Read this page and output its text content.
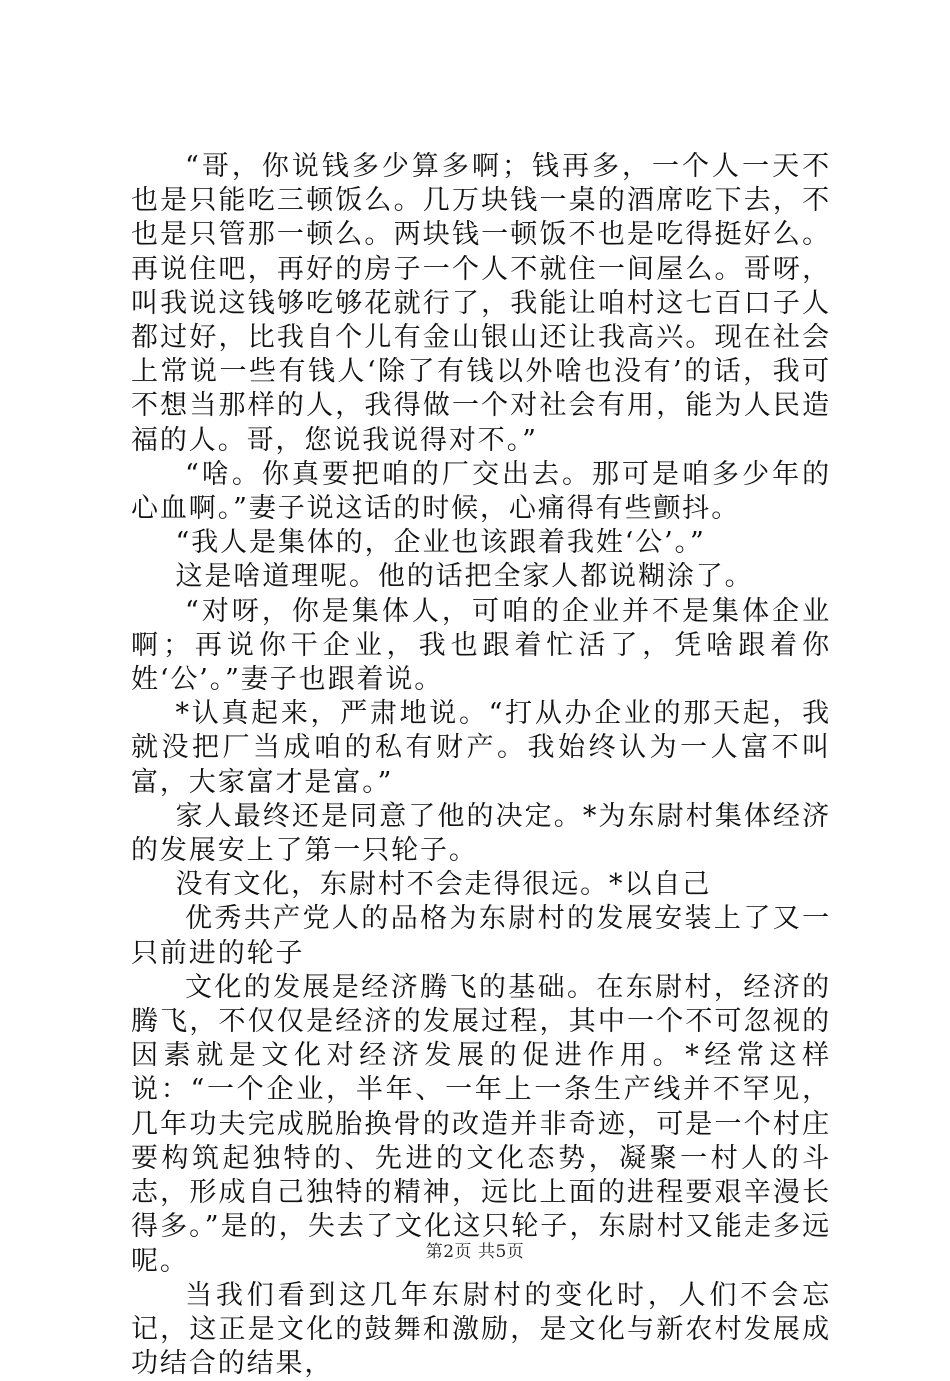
“哥，你说钱多少算多啊；钱再多，一个人一天不也是只能吃三顿饭么。几万块钱一桌的酒席吃下去，不也是只管那一顿么。两块钱一顿饭不也是吃得挺好么。再说住吧，再好的房子一个人不就住一间屋么。哥呀，叫我说这钱够吃够花就行了，我能让咱村这七百口子人都过好，比我自个儿有金山银山还让我高兴。现在社会上常说一些有钱人‘除了有钱以外啥也没有’的话，我可不想当那样的人，我得做一个对社会有用，能为人民造福的人。哥，您说我说得对不。”

“啥。你真要把咱的厂交出去。那可是咱多少年的心血啊。”妻子说这话的时候，心痛得有些颤抖。

“我人是集体的，企业也该跟着我姓‘公’。”

这是啥道理呢。他的话把全家人都说糊涂了。

“对呀，你是集体人，可咱的企业并不是集体企业啊；再说你干企业，我也跟着忙活了，凭啥跟着你姓‘公’。”妻子也跟着说。

*认真起来，严肃地说。“打从办企业的那天起，我就没把厂当成咱的私有财产。我始终认为一人富不叫富，大家富才是富。”

家人最终还是同意了他的决定。*为东尉村集体经济的发展安上了第一只轮子。

没有文化，东尉村不会走得很远。*以自己

优秀共产党人的品格为东尉村的发展安装上了又一只前进的轮子

文化的发展是经济腾飞的基础。在东尉村，经济的腾飞，不仅仅是经济的发展过程，其中一个不可忽视的因素就是文化对经济发展的促进作用。*经常这样说：“一个企业，半年、一年上一条生产线并不罕见，几年功夫完成脱胎换骨的改造并非奇迹，可是一个村庄要构筑起独特的、先进的文化态势，凝聚一村人的斗志，形成自己独特的精神，远比上面的进程要艰辛漫长得多。”是的，失去了文化这只轮子，东尉村又能走多远呢。

当我们看到这几年东尉村的变化时，人们不会忘记，这正是文化的鼓舞和激励，是文化与新农村发展成功结合的结果，

第2页 共5页
